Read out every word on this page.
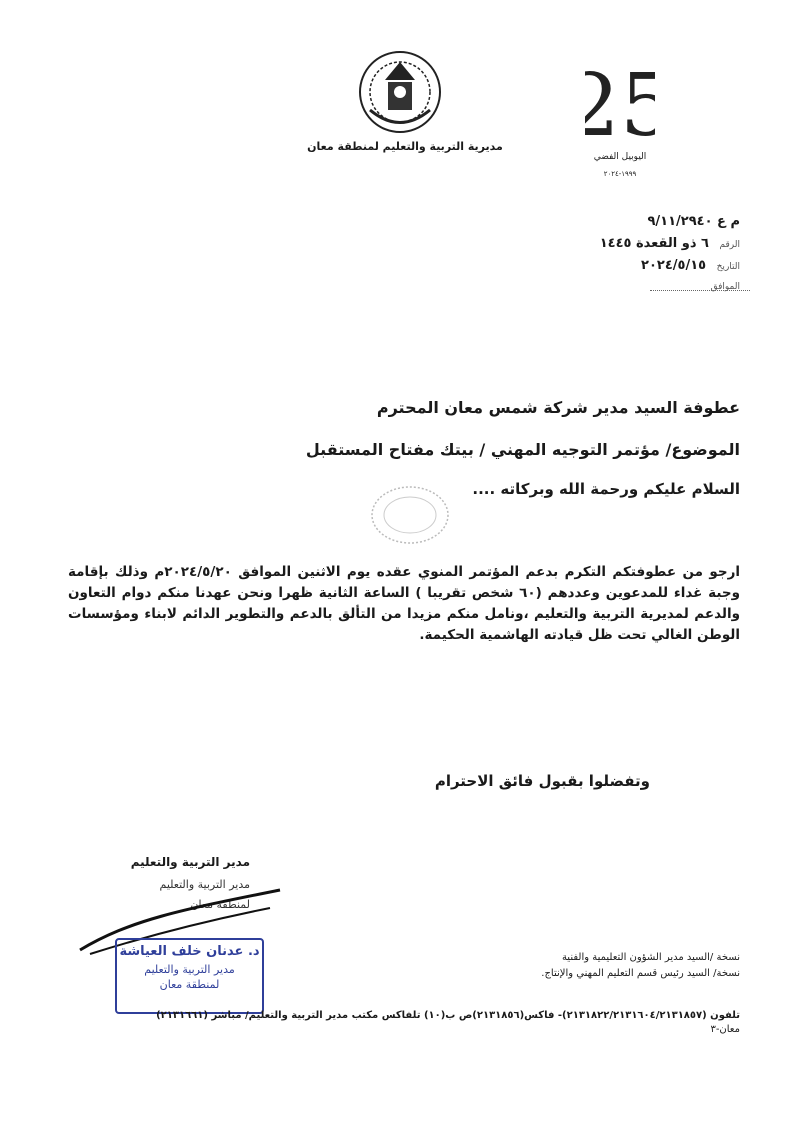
مديرية التربية والتعليم لمنطقة معان 25
اليوبيل الفضي
١٩٩٩-٢٠٢٤
م ع ٩/١١/٢٩٤٠
الرقم ٦ ذو القعدة ١٤٤٥
التاريخ ٢٠٢٤/٥/١٥
الموافق
عطوفة السيد مدير شركة شمس معان المحترم
الموضوع/ مؤتمر التوجيه المهني / بيتك مفتاح المستقبل
السلام عليكم ورحمة الله وبركاته ....
ارجو من عطوفتكم التكرم بدعم المؤتمر المنوي عقده يوم الاثنين الموافق ٢٠٢٤/٥/٢٠م وذلك بإقامة وجبة غداء للمدعوين وعددهم (٦٠ شخص تقريبا ) الساعة الثانية ظهرا ونحن عهدنا منكم دوام التعاون والدعم لمديرية التربية والتعليم ،ونامل منكم مزيدا من التألق بالدعم والتطوير الدائم لابناء ومؤسسات الوطن الغالي تحت ظل قيادته الهاشمية الحكيمة.
وتفضلوا بقبول فائق الاحترام
مدير التربية والتعليم
مدير التربية والتعليم
لمنطقة معان
د. عدنان خلف العياشة
مدير التربية والتعليم
لمنطقة معان
نسخة /السيد مدير الشؤون التعليمية والفنية
نسخة/ السيد رئيس قسم التعليم المهني والإنتاج.
تلفون (٢١٣١٨٢٢/٢١٣١٦٠٤/٢١٣١٨٥٧)- فاكس(٢١٣١٨٥٦)ص ب(١٠) تلفاكس مكتب مدير التربية والتعليم/ مباشر (٢١٣١٦٦١)
معان-٣
